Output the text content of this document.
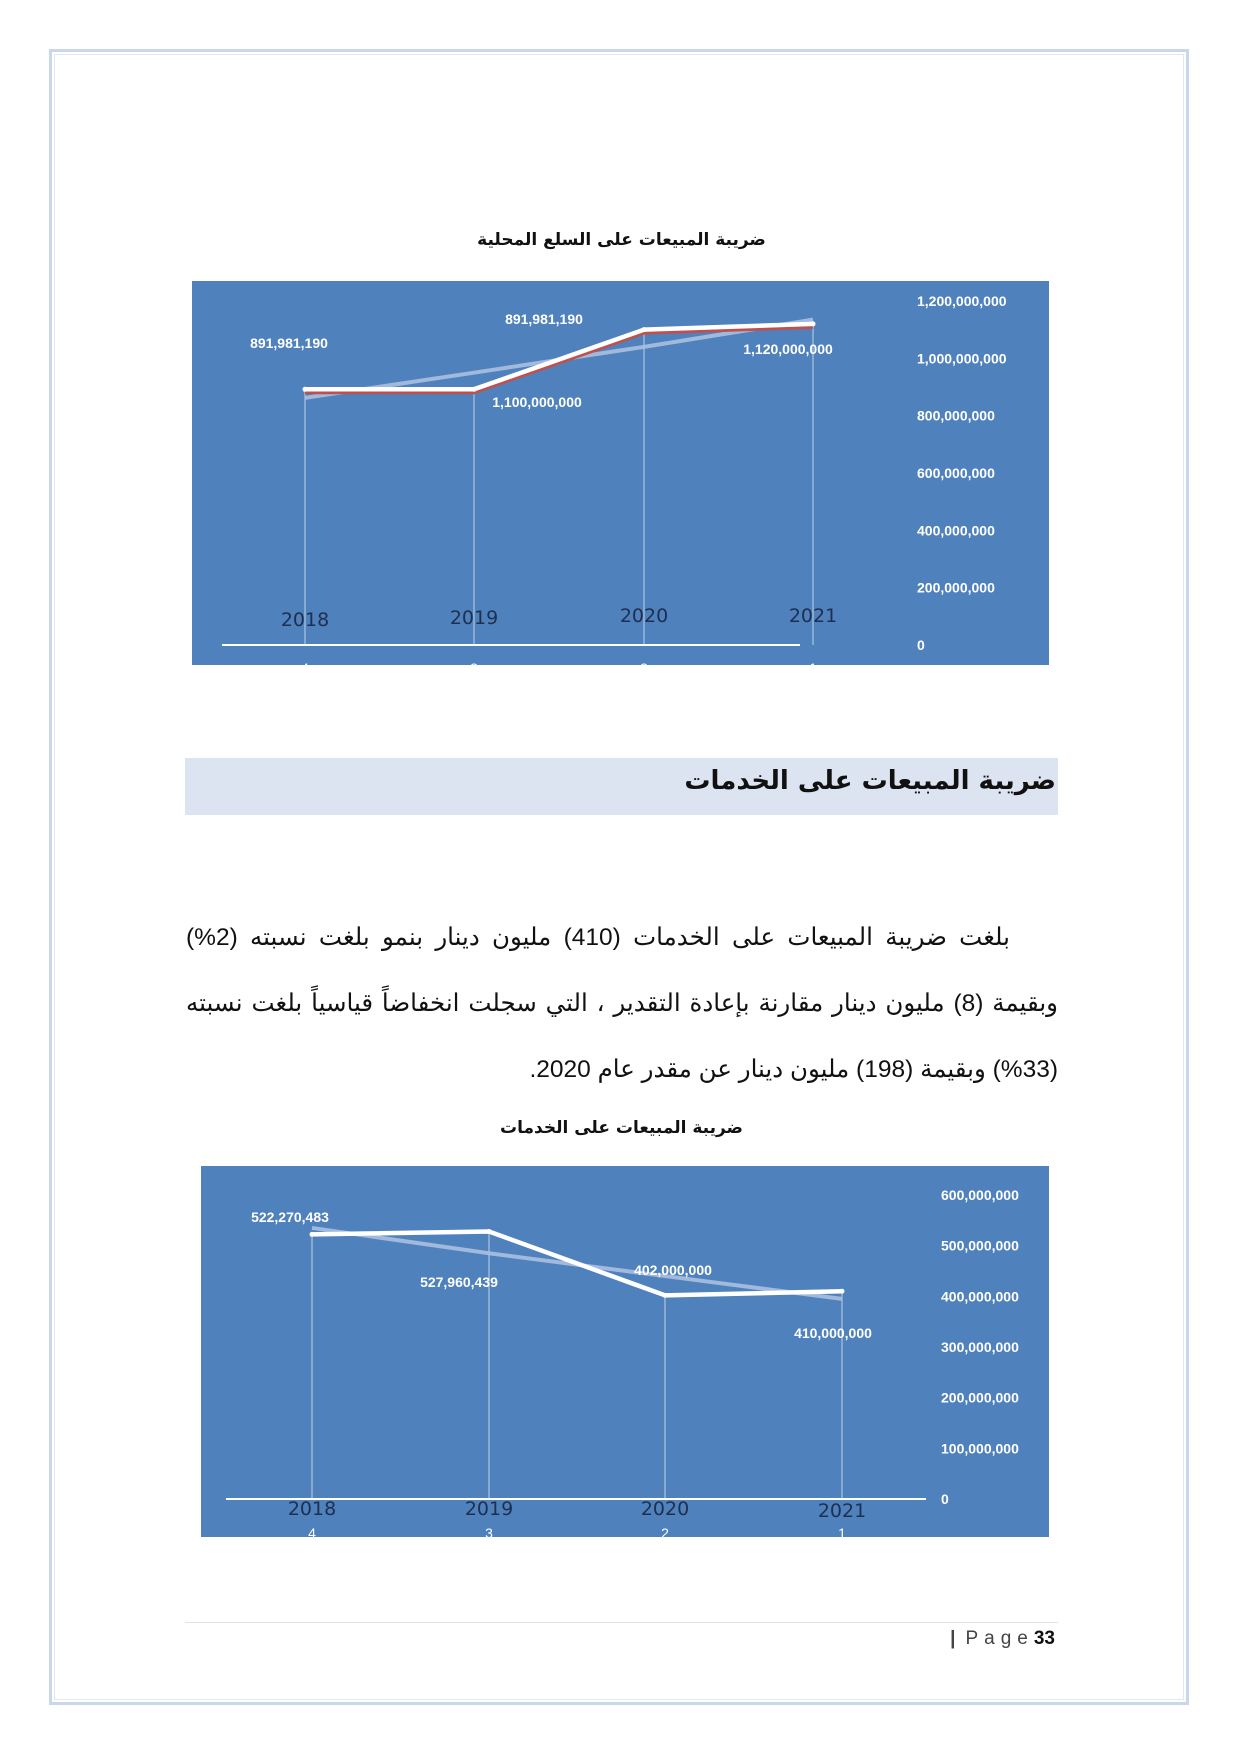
ضريبة المبيعات على السلع المحلية
0
200,000,000
400,000,000
600,000,000
800,000,000
1,000,000,000
1,200,000,000
891,981,190
891,981,190
1,100,000,000
1,120,000,000
2018	2019	2020	2021
4	3	2	1
ضريبة المبيعات على الخدمات

بلغت ضريبة المبيعات على الخدمات (410) مليون دينار بنمو بلغت نسبته (2%) وبقيمة (8) مليون دينار مقارنة بإعادة التقدير ، التي سجلت انخفاضاً قياسياً بلغت نسبته (33%) وبقيمة (198) مليون دينار عن مقدر عام 2020.

ضريبة المبيعات على الخدمات
0
100,000,000
200,000,000
300,000,000
400,000,000
500,000,000
600,000,000
522,270,483
527,960,439
402,000,000
410,000,000
2018	2019	2020	2021
4	3	2	1
| Page 33
